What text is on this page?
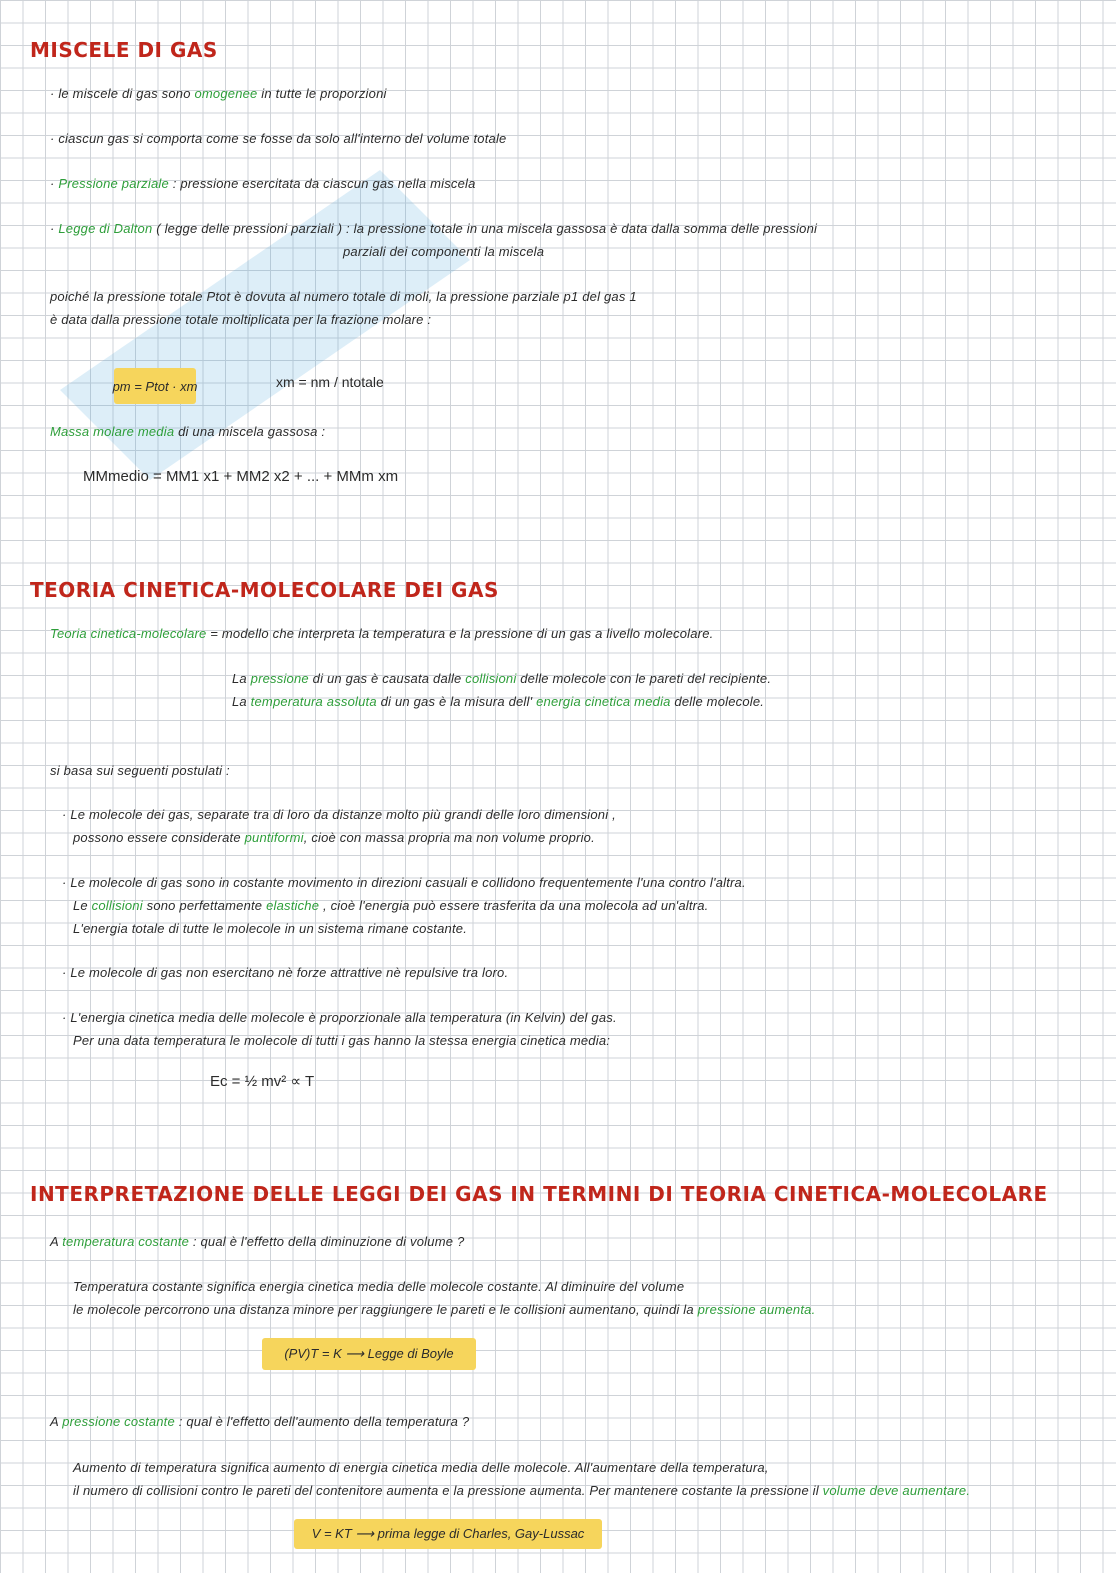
MISCELE DI GAS
· le miscele di gas sono omogenee in tutte le proporzioni
· ciascun gas si comporta come se fosse da solo all'interno del volume totale
· Pressione parziale : pressione esercitata da ciascun gas nella miscela
· Legge di Dalton ( legge delle pressioni parziali ) : la pressione totale in una miscela gassosa è data dalla somma delle pressioni
parziali dei componenti la miscela
poiché la pressione totale Ptot è dovuta al numero totale di moli, la pressione parziale p1 del gas 1
è data dalla pressione totale moltiplicata per la frazione molare :
pm = Ptot · xm	xm = nm / ntotale
Massa molare media di una miscela gassosa :
MMmedio = MM1 x1 + MM2 x2 + ... + MMm xm
TEORIA CINETICA-MOLECOLARE DEI GAS
Teoria cinetica-molecolare = modello che interpreta la temperatura e la pressione di un gas a livello molecolare.
La pressione di un gas è causata dalle collisioni delle molecole con le pareti del recipiente.
La temperatura assoluta di un gas è la misura dell' energia cinetica media delle molecole.
si basa sui seguenti postulati :
· Le molecole dei gas, separate tra di loro da distanze molto più grandi delle loro dimensioni ,
possono essere considerate puntiformi, cioè con massa propria ma non volume proprio.
· Le molecole di gas sono in costante movimento in direzioni casuali e collidono frequentemente l'una contro l'altra.
Le collisioni sono perfettamente elastiche , cioè l'energia può essere trasferita da una molecola ad un'altra.
L'energia totale di tutte le molecole in un sistema rimane costante.
· Le molecole di gas non esercitano nè forze attrattive nè repulsive tra loro.
· L'energia cinetica media delle molecole è proporzionale alla temperatura (in Kelvin) del gas.
Per una data temperatura le molecole di tutti i gas hanno la stessa energia cinetica media:
Ec = ½ mv² ∝ T
INTERPRETAZIONE DELLE LEGGI DEI GAS IN TERMINI DI TEORIA CINETICA-MOLECOLARE
A temperatura costante : qual è l'effetto della diminuzione di volume ?
Temperatura costante significa energia cinetica media delle molecole costante. Al diminuire del volume
le molecole percorrono una distanza minore per raggiungere le pareti e le collisioni aumentano, quindi la pressione aumenta.
(PV)T = K ⟶ Legge di Boyle
A pressione costante : qual è l'effetto dell'aumento della temperatura ?
Aumento di temperatura significa aumento di energia cinetica media delle molecole. All'aumentare della temperatura,
il numero di collisioni contro le pareti del contenitore aumenta e la pressione aumenta. Per mantenere costante la pressione il volume deve aumentare.
V = KT ⟶ prima legge di Charles, Gay-Lussac
